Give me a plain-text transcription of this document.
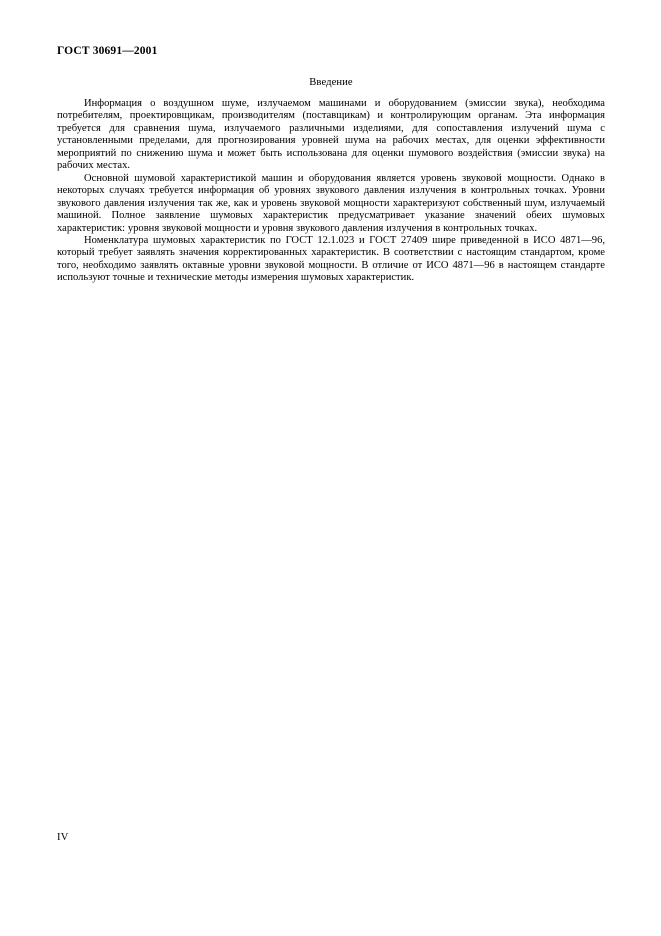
ГОСТ 30691—2001
Введение

Информация о воздушном шуме, излучаемом машинами и оборудованием (эмиссии звука), необходима потребителям, проектировщикам, производителям (поставщикам) и контролирующим органам. Эта информация требуется для сравнения шума, излучаемого различными изделиями, для сопоставления излучений шума с установленными пределами, для прогнозирования уровней шума на рабочих местах, для оценки эффективности мероприятий по снижению шума и может быть использована для оценки шумового воздействия (эмиссии звука) на рабочих местах.

Основной шумовой характеристикой машин и оборудования является уровень звуковой мощности. Однако в некоторых случаях требуется информация об уровнях звукового давления излучения в контрольных точках. Уровни звукового давления излучения так же, как и уровень звуковой мощности характеризуют собственный шум, излучаемый машиной. Полное заявление шумовых характеристик предусматривает указание значений обеих шумовых характеристик: уровня звуковой мощности и уровня звукового давления излучения в контрольных точках.

Номенклатура шумовых характеристик по ГОСТ 12.1.023 и ГОСТ 27409 шире приведенной в ИСО 4871—96, который требует заявлять значения корректированных характеристик. В соответствии с настоящим стандартом, кроме того, необходимо заявлять октавные уровни звуковой мощности. В отличие от ИСО 4871—96 в настоящем стандарте используют точные и технические методы измерения шумовых характеристик.

IV
